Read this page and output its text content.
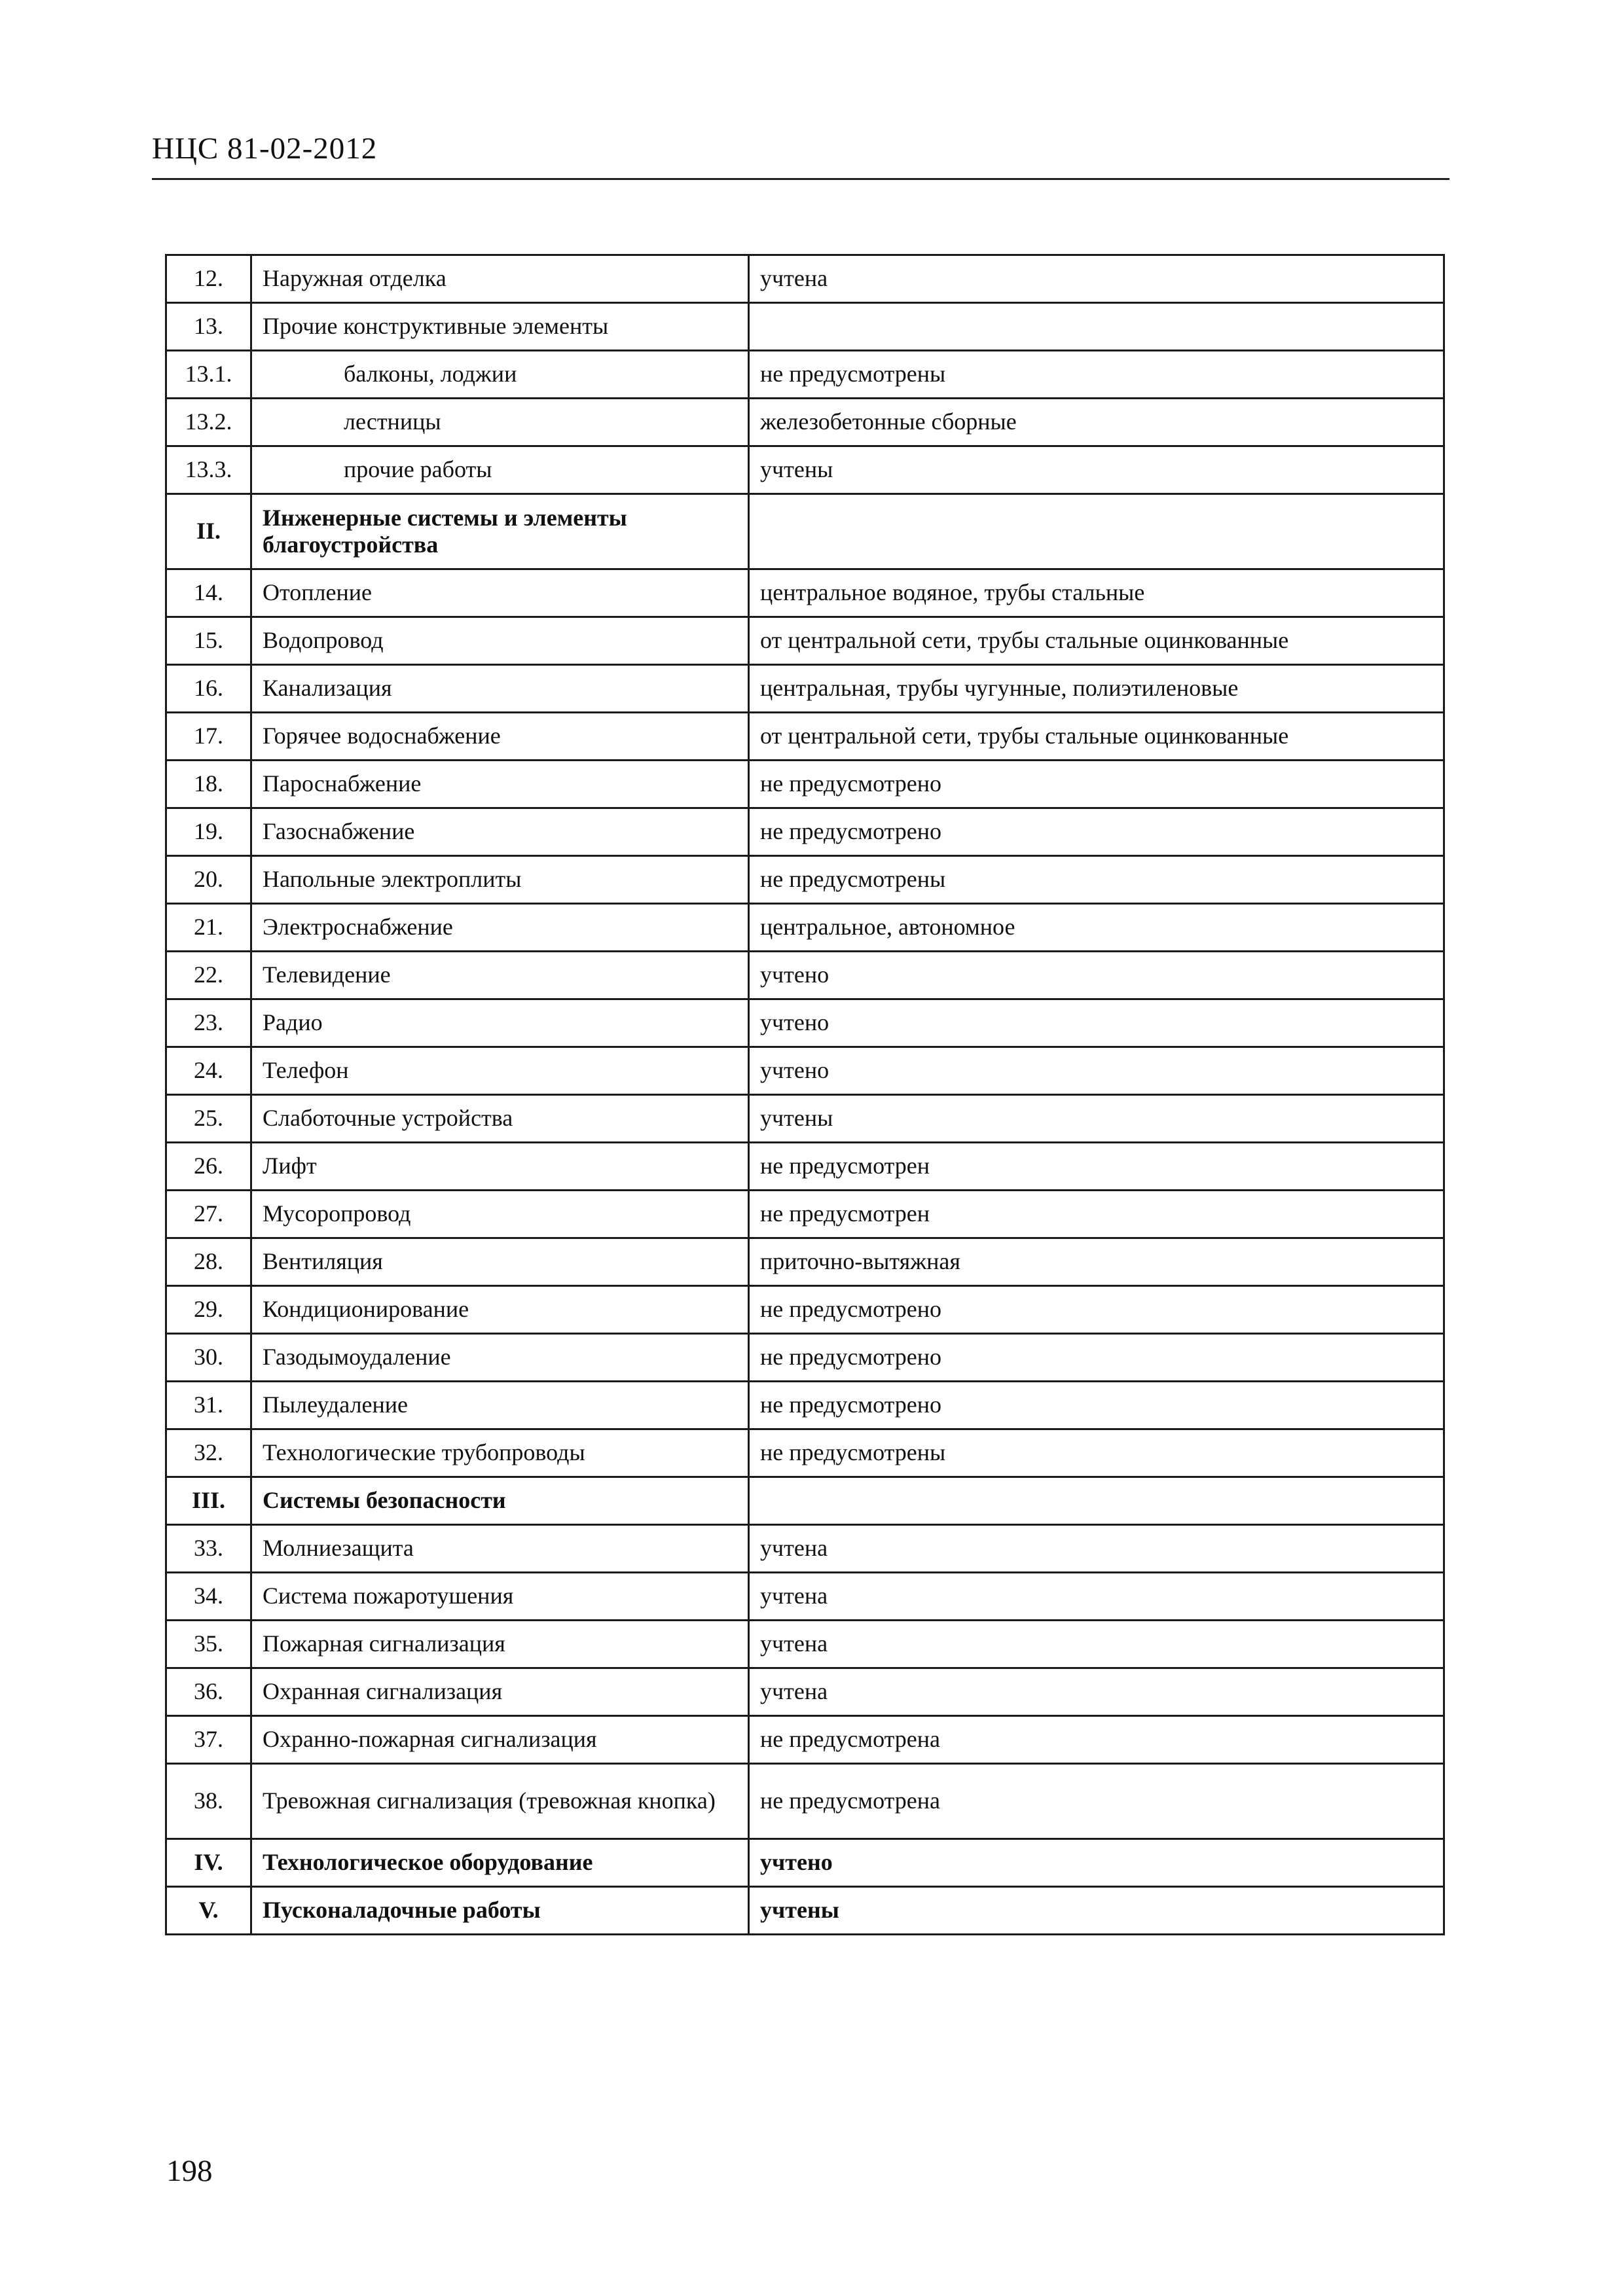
НЦС 81-02-2012
12.	Наружная отделка	учтена
13.	Прочие конструктивные элементы	
13.1.	балконы, лоджии	не предусмотрены
13.2.	лестницы	железобетонные сборные
13.3.	прочие работы	учтены
II.	Инженерные системы и элементы благоустройства	
14.	Отопление	центральное водяное, трубы стальные
15.	Водопровод	от центральной сети, трубы стальные оцинкованные
16.	Канализация	центральная, трубы чугунные, полиэтиленовые
17.	Горячее водоснабжение	от центральной сети, трубы стальные оцинкованные
18.	Пароснабжение	не предусмотрено
19.	Газоснабжение	не предусмотрено
20.	Напольные электроплиты	не предусмотрены
21.	Электроснабжение	центральное, автономное
22.	Телевидение	учтено
23.	Радио	учтено
24.	Телефон	учтено
25.	Слаботочные устройства	учтены
26.	Лифт	не предусмотрен
27.	Мусоропровод	не предусмотрен
28.	Вентиляция	приточно-вытяжная
29.	Кондиционирование	не предусмотрено
30.	Газодымоудаление	не предусмотрено
31.	Пылеудаление	не предусмотрено
32.	Технологические трубопроводы	не предусмотрены
III.	Системы безопасности	
33.	Молниезащита	учтена
34.	Система пожаротушения	учтена
35.	Пожарная сигнализация	учтена
36.	Охранная сигнализация	учтена
37.	Охранно-пожарная сигнализация	не предусмотрена
38.	Тревожная сигнализация (тревожная кнопка)	не предусмотрена
IV.	Технологическое оборудование	учтено
V.	Пусконаладочные работы	учтены
198
